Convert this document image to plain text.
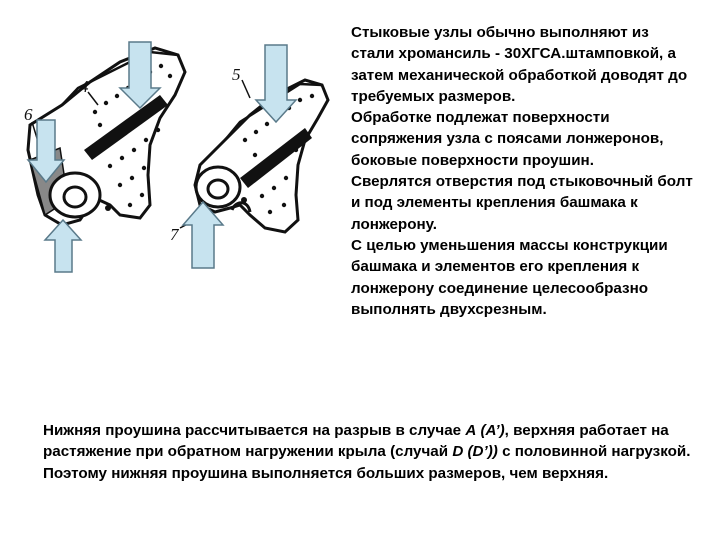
4
5
6
7

Стыковые узлы обычно выполняют из стали хромансиль - 30ХГСА.штамповкой, а затем механической обработкой доводят до требуемых размеров.

Обработке подлежат поверхности сопряжения узла с поясами лонжеронов, боковые поверхности проушин.

Сверлятся отверстия под стыковочный болт и под элементы крепления башмака к лонжерону.

С целью уменьшения массы конструкции башмака и элементов его крепления к лонжерону соединение целесообразно выполнять двухсрезным.

Нижняя проушина рассчитывается на разрыв в случае А (А’), верхняя работает на растяжение при обратном нагружении крыла (случай D (D’)) с половинной нагрузкой. Поэтому нижняя проушина выполняется больших размеров, чем верхняя.
